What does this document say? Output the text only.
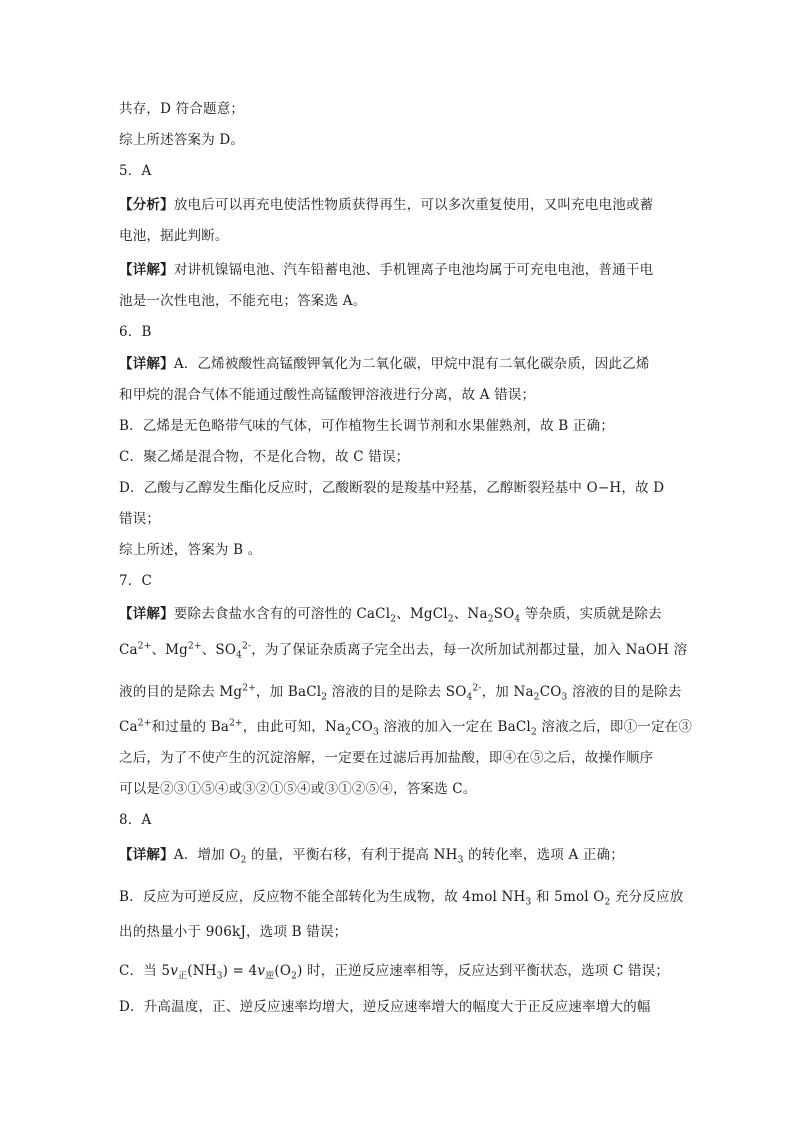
共存，D 符合题意；
综上所述答案为 D。
5．A
【分析】放电后可以再充电使活性物质获得再生，可以多次重复使用，又叫充电电池或蓄
电池，据此判断。
【详解】对讲机镍镉电池、汽车铅蓄电池、手机锂离子电池均属于可充电电池，普通干电
池是一次性电池，不能充电；答案选 A。
6．B
【详解】A．乙烯被酸性高锰酸钾氧化为二氧化碳，甲烷中混有二氧化碳杂质，因此乙烯
和甲烷的混合气体不能通过酸性高锰酸钾溶液进行分离，故 A 错误；
B．乙烯是无色略带气味的气体，可作植物生长调节剂和水果催熟剂，故 B 正确；
C．聚乙烯是混合物，不是化合物，故 C 错误；
D．乙酸与乙醇发生酯化反应时，乙酸断裂的是羧基中羟基，乙醇断裂羟基中 O−H，故 D
错误；
综上所述，答案为 B 。
7．C
【详解】要除去食盐水含有的可溶性的 CaCl$_2$、MgCl$_2$、$Na_2SO_4$ 等杂质，实质就是除去
$Ca^{2+}$、$Mg^{2+}$、$SO_4^{2-}$，为了保证杂质离子完全出去，每一次所加试剂都过量，加入 NaOH 溶
液的目的是除去 $Mg^{2+}$，加 BaCl$_2$ 溶液的目的是除去 $SO_4^{2-}$，加 $Na_2CO_3$ 溶液的目的是除去
$Ca^{2+}$和过量的 $Ba^{2+}$，由此可知，$Na_2CO_3$ 溶液的加入一定在 BaCl$_2$ 溶液之后，即①一定在③
之后，为了不使产生的沉淀溶解，一定要在过滤后再加盐酸，即④在⑤之后，故操作顺序
可以是②③①⑤④或③②①⑤④或③①②⑤④，答案选 C。
8．A
【详解】A．增加 $O_2$ 的量，平衡右移，有利于提高 $NH_3$ 的转化率，选项 A 正确；
B．反应为可逆反应，反应物不能全部转化为生成物，故 4mol $NH_3$ 和 5mol $O_2$ 充分反应放
出的热量小于 906kJ，选项 B 错误；
C．当 $5v_正(NH_3) = 4v_逆(O_2)$ 时，正逆反应速率相等，反应达到平衡状态，选项 C 错误；
D．升高温度，正、逆反应速率均增大，逆反应速率增大的幅度大于正反应速率增大的幅
